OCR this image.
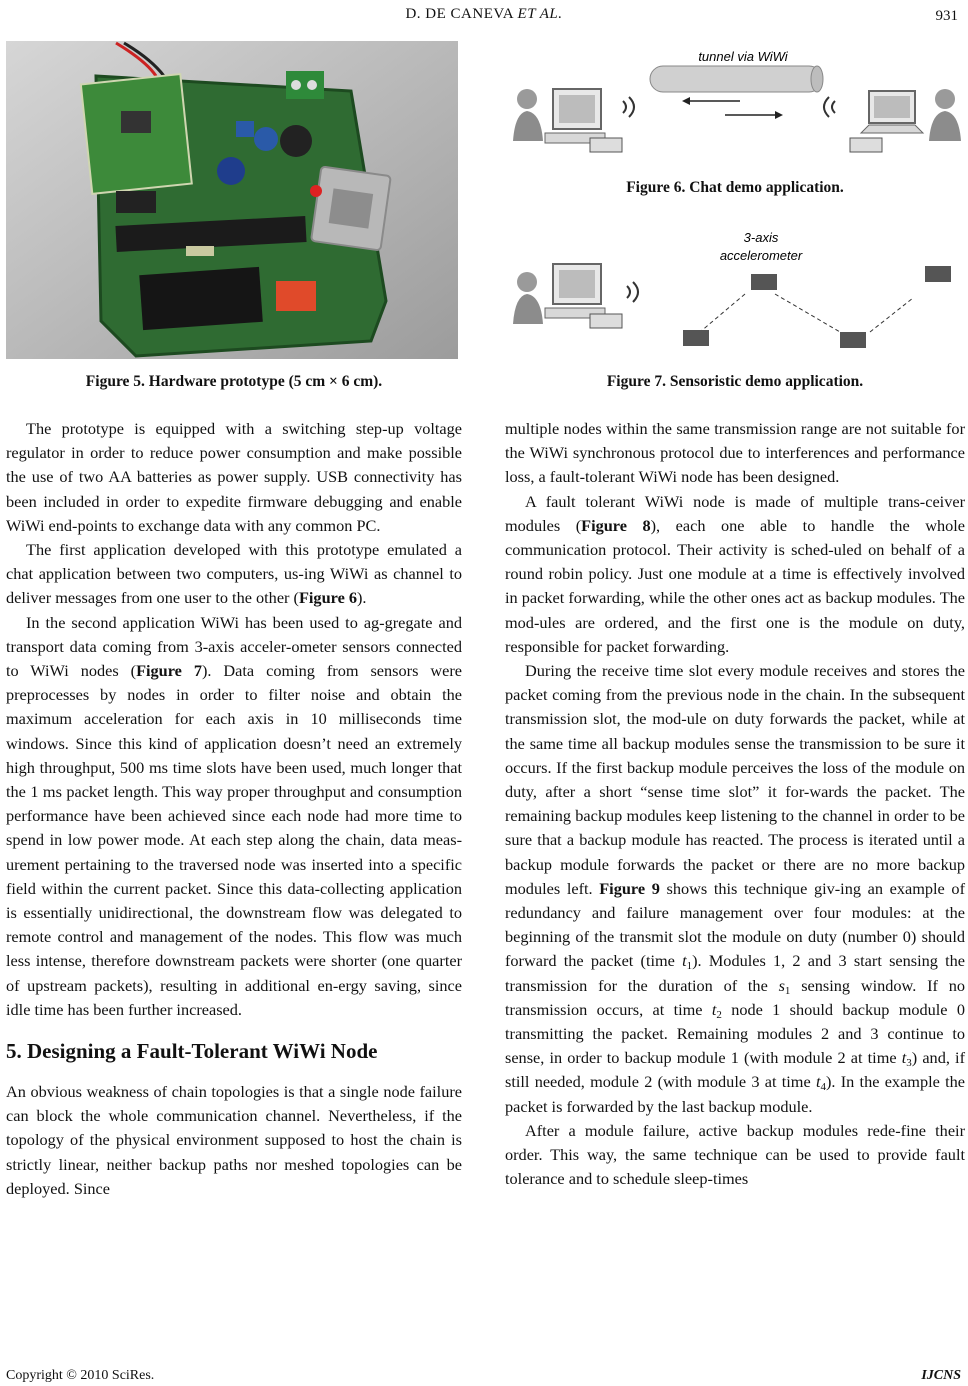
D. DE CANEVA ET AL.	931
Figure 5. Hardware prototype (5 cm × 6 cm).
tunnel via WiWi
Figure 6. Chat demo application.
3-axis
accelerometer
Figure 7. Sensoristic demo application.

The prototype is equipped with a switching step-up voltage regulator in order to reduce power consumption and make possible the use of two AA batteries as power supply. USB connectivity has been included in order to expedite firmware debugging and enable WiWi end-points to exchange data with any common PC.

The first application developed with this prototype emulated a chat application between two computers, us-ing WiWi as channel to deliver messages from one user to the other (Figure 6).

In the second application WiWi has been used to ag-gregate and transport data coming from 3-axis acceler-ometer sensors connected to WiWi nodes (Figure 7). Data coming from sensors were preprocesses by nodes in order to filter noise and obtain the maximum acceleration for each axis in 10 milliseconds time windows. Since this kind of application doesn’t need an extremely high throughput, 500 ms time slots have been used, much longer that the 1 ms packet length. This way proper throughput and consumption performance have been achieved since each node had more time to spend in low power mode. At each step along the chain, data meas-urement pertaining to the traversed node was inserted into a specific field within the current packet. Since this data-collecting application is essentially unidirectional, the downstream flow was delegated to remote control and management of the nodes. This flow was much less intense, therefore downstream packets were shorter (one quarter of upstream packets), resulting in additional en-ergy saving, since idle time has been further increased.

5. Designing a Fault-Tolerant WiWi Node

An obvious weakness of chain topologies is that a single node failure can block the whole communication channel. Nevertheless, if the topology of the physical environment supposed to host the chain is strictly linear, neither backup paths nor meshed topologies can be deployed. Since

multiple nodes within the same transmission range are not suitable for the WiWi synchronous protocol due to interferences and performance loss, a fault-tolerant WiWi node has been designed.

A fault tolerant WiWi node is made of multiple trans-ceiver modules (Figure 8), each one able to handle the whole communication protocol. Their activity is sched-uled on behalf of a round robin policy. Just one module at a time is effectively involved in packet forwarding, while the other ones act as backup modules. The mod-ules are ordered, and the first one is the module on duty, responsible for packet forwarding.

During the receive time slot every module receives and stores the packet coming from the previous node in the chain. In the subsequent transmission slot, the mod-ule on duty forwards the packet, while at the same time all backup modules sense the transmission to be sure it occurs. If the first backup module perceives the loss of the module on duty, after a short “sense time slot” it for-wards the packet. The remaining backup modules keep listening to the channel in order to be sure that a backup module has reacted. The process is iterated until a backup module forwards the packet or there are no more backup modules left. Figure 9 shows this technique giv-ing an example of redundancy and failure management over four modules: at the beginning of the transmit slot the module on duty (number 0) should forward the packet (time $t_1$). Modules 1, 2 and 3 start sensing the transmission for the duration of the $s_1$ sensing window. If no transmission occurs, at time $t_2$ node 1 should backup module 0 transmitting the packet. Remaining modules 2 and 3 continue to sense, in order to backup module 1 (with module 2 at time $t_3$) and, if still needed, module 2 (with module 3 at time $t_4$). In the example the packet is forwarded by the last backup module.

After a module failure, active backup modules rede-fine their order. This way, the same technique can be used to provide fault tolerance and to schedule sleep-times

Copyright © 2010 SciRes.	IJCNS
